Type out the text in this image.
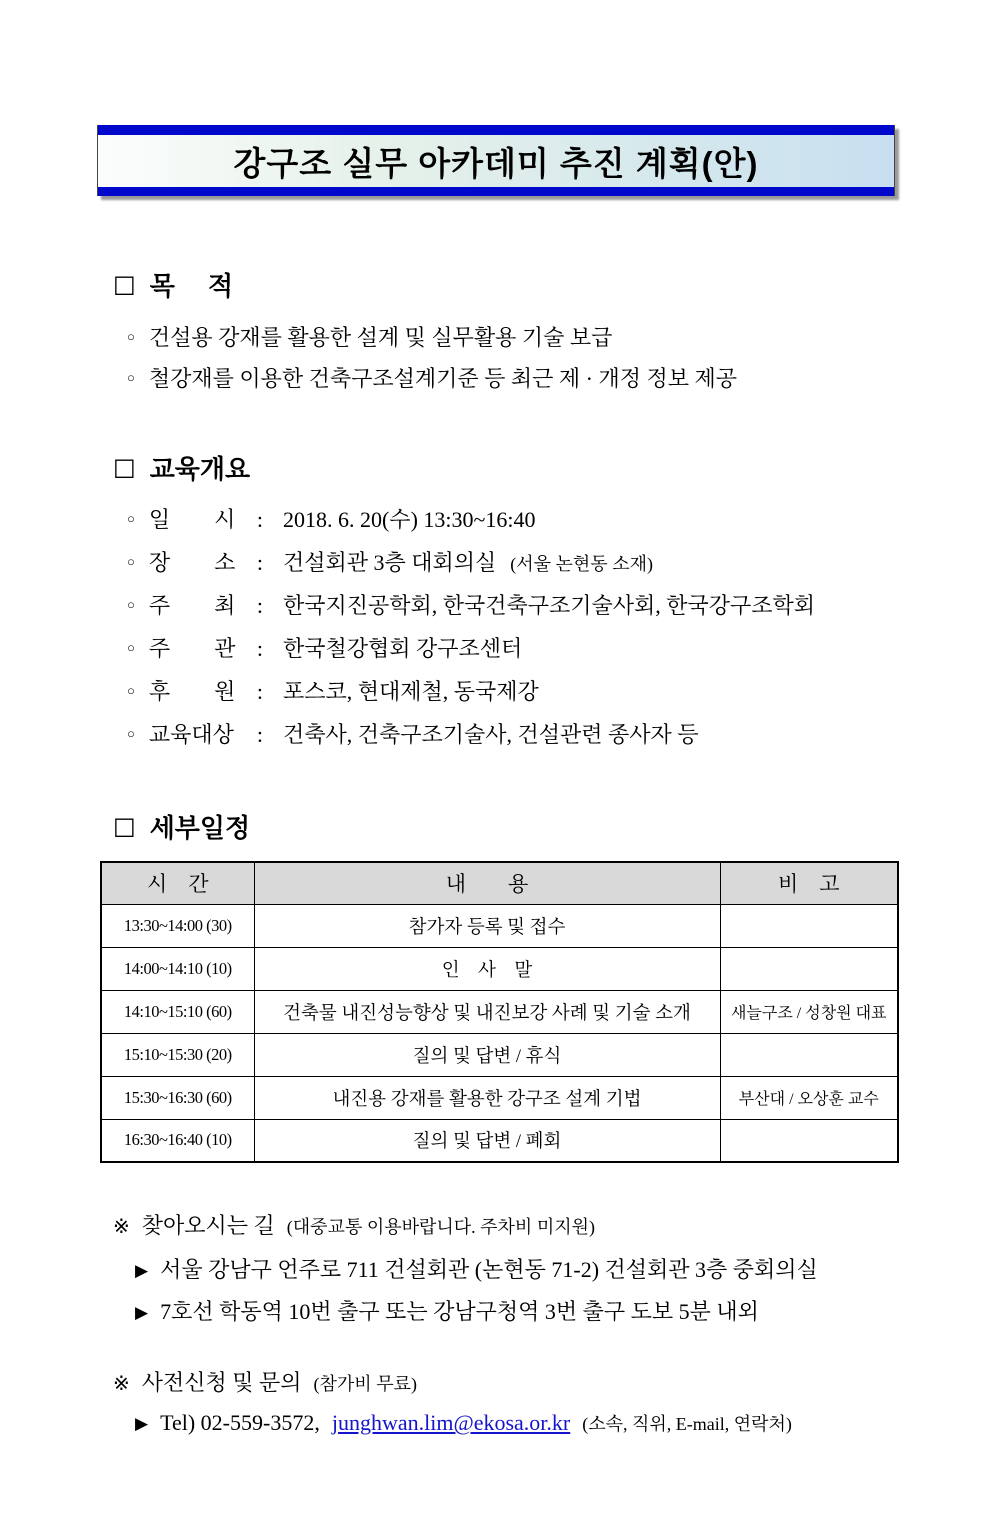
강구조 실무 아카데미 추진 계획(안)
□ 목　 적
○ 건설용 강재를 활용한 설계 및 실무활용 기술 보급
○ 철강재를 이용한 건축구조설계기준 등 최근 제 · 개정 정보 제공
□ 교육개요
○ 일　　시 : 2018. 6. 20(수) 13:30~16:40
○ 장　　소 : 건설회관 3층 대회의실 (서울 논현동 소재)
○ 주　　최 : 한국지진공학회, 한국건축구조기술사회, 한국강구조학회
○ 주　　관 : 한국철강협회 강구조센터
○ 후　　원 : 포스코, 현대제철, 동국제강
○ 교육대상	: 건축사, 건축구조기술사, 건설관련 종사자 등
□ 세부일정
시　간	내　　용	비　고
13:30~14:00 (30)	참가자 등록 및 접수	
14:00~14:10 (10)	인　사　말	
14:10~15:10 (60)	건축물 내진성능향상 및 내진보강 사례 및 기술 소개	새늘구조 / 성창원 대표
15:10~15:30 (20)	질의 및 답변 / 휴식	
15:30~16:30 (60)	내진용 강재를 활용한 강구조 설계 기법	부산대 / 오상훈 교수
16:30~16:40 (10)	질의 및 답변 / 폐회	
※ 찾아오시는 길 (대중교통 이용바랍니다. 주차비 미지원)
▶ 서울 강남구 언주로 711 건설회관 (논현동 71-2) 건설회관 3층 중회의실
▶ 7호선 학동역 10번 출구 또는 강남구청역 3번 출구 도보 5분 내외
※ 사전신청 및 문의 (참가비 무료)
▶ Tel) 02-559-3572, junghwan.lim@ekosa.or.kr (소속, 직위, E-mail, 연락처)
